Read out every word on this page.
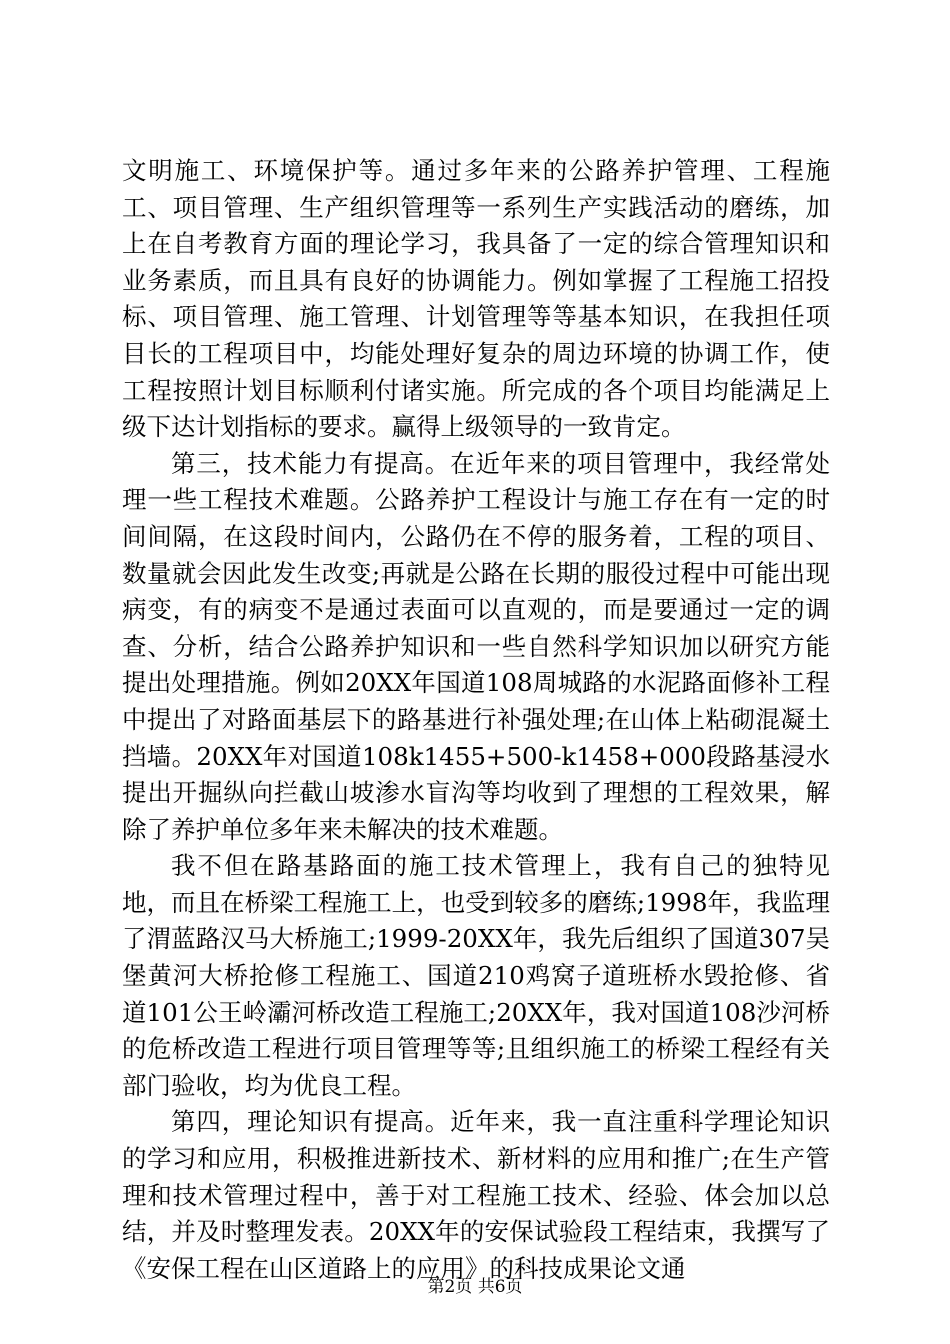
文明施工、环境保护等。通过多年来的公路养护管理、工程施工、项目管理、生产组织管理等一系列生产实践活动的磨练，加上在自考教育方面的理论学习，我具备了一定的综合管理知识和业务素质，而且具有良好的协调能力。例如掌握了工程施工招投标、项目管理、施工管理、计划管理等等基本知识，在我担任项目长的工程项目中，均能处理好复杂的周边环境的协调工作，使工程按照计划目标顺利付诸实施。所完成的各个项目均能满足上级下达计划指标的要求。赢得上级领导的一致肯定。

第三，技术能力有提高。在近年来的项目管理中，我经常处理一些工程技术难题。公路养护工程设计与施工存在有一定的时间间隔，在这段时间内，公路仍在不停的服务着，工程的项目、数量就会因此发生改变;再就是公路在长期的服役过程中可能出现病变，有的病变不是通过表面可以直观的，而是要通过一定的调查、分析，结合公路养护知识和一些自然科学知识加以研究方能提出处理措施。例如20XX年国道108周城路的水泥路面修补工程中提出了对路面基层下的路基进行补强处理;在山体上粘砌混凝土挡墙。20XX年对国道108k1455+500-k1458+000段路基浸水提出开掘纵向拦截山坡渗水盲沟等均收到了理想的工程效果，解除了养护单位多年来未解决的技术难题。

我不但在路基路面的施工技术管理上，我有自己的独特见地，而且在桥梁工程施工上，也受到较多的磨练;1998年，我监理了渭蓝路汉马大桥施工;1999-20XX年，我先后组织了国道307吴堡黄河大桥抢修工程施工、国道210鸡窝子道班桥水毁抢修、省道101公王岭灞河桥改造工程施工;20XX年，我对国道108沙河桥的危桥改造工程进行项目管理等等;且组织施工的桥梁工程经有关部门验收，均为优良工程。

第四，理论知识有提高。近年来，我一直注重科学理论知识的学习和应用，积极推进新技术、新材料的应用和推广;在生产管理和技术管理过程中，善于对工程施工技术、经验、体会加以总结，并及时整理发表。20XX年的安保试验段工程结束，我撰写了《安保工程在山区道路上的应用》的科技成果论文通

第2页 共6页
